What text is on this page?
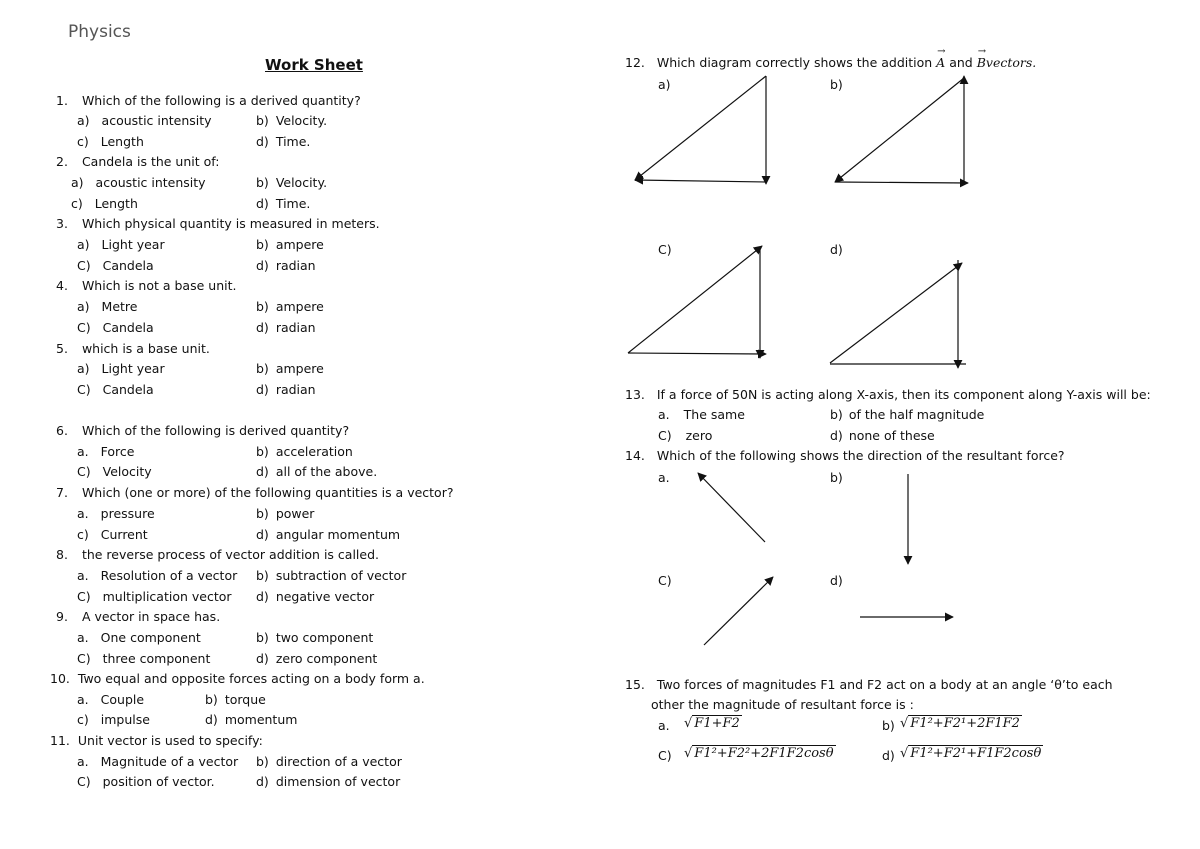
Physics
Work Sheet
1. Which of the following is a derived quantity?
a) acoustic intensity	b) Velocity.
c) Length	d) Time.
2. Candela is the unit of:
a) acoustic intensity	b) Velocity.
c) Length	d) Time.
3. Which physical quantity is measured in meters.
a) Light year	b) ampere
C) Candela	d) radian
4. Which is not a base unit.
a) Metre	b) ampere
C) Candela	d) radian
5. which is a base unit.
a) Light year	b) ampere
C) Candela	d) radian
6. Which of the following is derived quantity?
a. Force	b) acceleration
C) Velocity	d) all of the above.
7. Which (one or more) of the following quantities is a vector?
a. pressure	b) power
c) Current	d) angular momentum
8. the reverse process of vector addition is called.
a. Resolution of a vector b) subtraction of vector
C) multiplication vector d) negative vector
9. A vector in space has.
a. One component	b) two component
C) three component	d) zero component
10. Two equal and opposite forces acting on a body form a.
a. Couple	b) torque
c) impulse	d) momentum
11. Unit vector is used to specify:
a. Magnitude of a vector b) direction of a vector
C) position of vector.	d) dimension of vector
12. Which diagram correctly shows the addition
→
A and
→
Bvectors.
a)	b)
C)	d)
13. If a force of 50N is acting along X-axis, then its component along Y-axis will be:
a. The same	b) of the half magnitude
C) zero	d) none of these
14. Which of the following shows the direction of the resultant force?
a.	b)
C)	d)
15. Two forces of magnitudes F1 and F2 act on a body at an angle ‘θ’to each
other the magnitude of resultant force is :
a. √ F1+F2	b) √ F1²+F2¹+2F1F2
C) √ F1²+F2²+2F1F2cosθ	d) √ F1²+F2¹+F1F2cosθ
